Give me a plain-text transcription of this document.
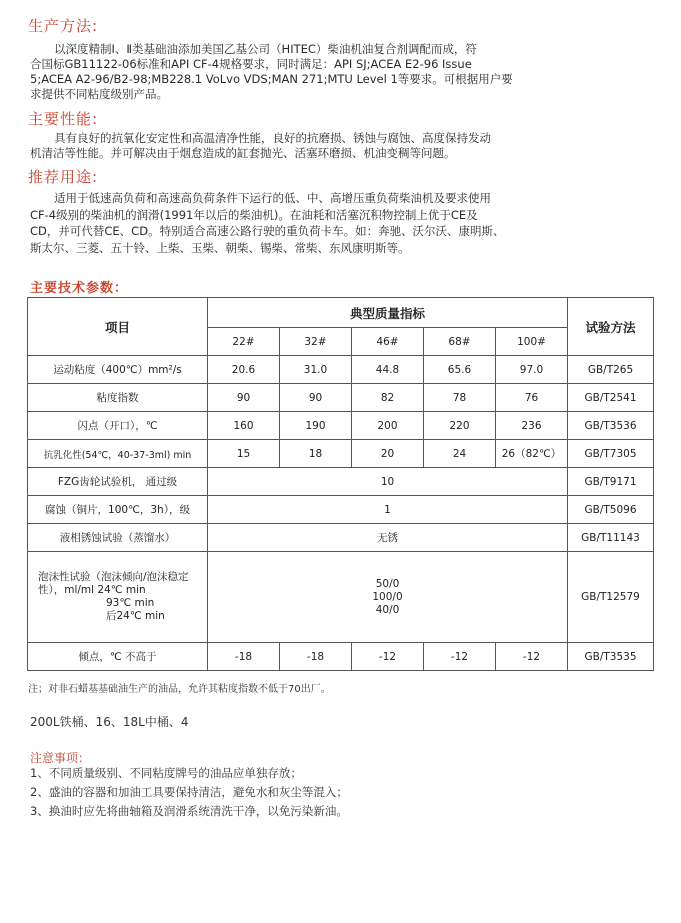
生产方法:
以深度精制Ⅰ、Ⅱ类基础油添加美国乙基公司（HITEC）柴油机油复合剂调配而成，符
合国标GB11122-06标准和API CF-4规格要求，同时满足：API SJ;ACEA E2-96 Issue
5;ACEA A2-96/B2-98;MB228.1 VoLvo VDS;MAN 271;MTU Level 1等要求。可根据用户要
求提供不同粘度级别产品。
主要性能:
具有良好的抗氧化安定性和高温清净性能，良好的抗磨损、锈蚀与腐蚀、高度保持发动
机清洁等性能。并可解决由于烟怠造成的缸套抛光、活塞环磨损、机油变稠等问题。
推荐用途:
适用于低速高负荷和高速高负荷条件下运行的低、中、高增压重负荷柴油机及要求使用
CF-4级别的柴油机的润滑(1991年以后的柴油机)。在油耗和活塞沉积物控制上优于CE及
CD，并可代替CE、CD。特别适合高速公路行驶的重负荷卡车。如：奔驰、沃尔沃、康明斯、
斯太尔、三菱、五十铃、上柴、玉柴、朝柴、锡柴、常柴、东风康明斯等。
主要技术参数：
项目	典型质量指标					试验方法
	22#	32#	46#	68#	100#	
运动粘度（400℃）mm²/s	20.6	31.0	44.8	65.6	97.0	GB/T265
粘度指数	90	90	82	78	76	GB/T2541
闪点（开口），℃	160	190	200	220	236	GB/T3536
抗乳化性(54℃，40-37-3ml) min	15	18	20	24	26（82℃）	GB/T7305
FZG齿轮试验机， 通过级	10					GB/T9171
腐蚀（铜片，100℃，3h），级	1					GB/T5096
液相锈蚀试验（蒸馏水）	无锈					GB/T11143

泡沫性试验（泡沫倾向/泡沫稳定
性），ml/ml 24℃ min
93℃ min
后24℃ min	50/0
100/0
40/0					GB/T12579
倾点，℃ 不高于	-18	-18	-12	-12	-12	GB/T3535
注；对非石蜡基基础油生产的油品，允许其粘度指数不低于70出厂。
200L铁桶、16、18L中桶、4
注意事项：
1、不同质量级别、不同粘度牌号的油品应单独存放；
2、盛油的容器和加油工具要保持清洁，避免水和灰尘等混入；
3、换油时应先将曲轴箱及润滑系统清洗干净，以免污染新油。
